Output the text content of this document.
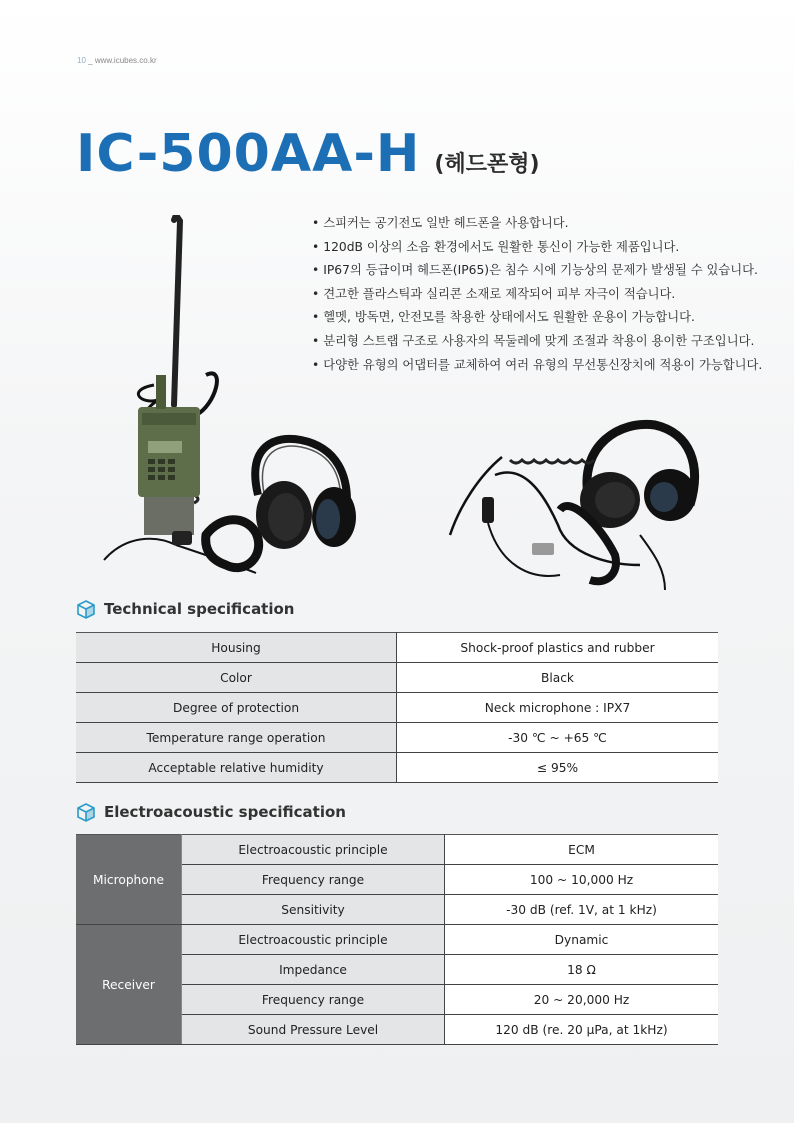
10 _ www.icubes.co.kr
IC-500AA-H (헤드폰형)
• 스피커는 공기전도 일반 헤드폰을 사용합니다.
• 120dB 이상의 소음 환경에서도 원활한 통신이 가능한 제품입니다.
• IP67의 등급이며 헤드폰(IP65)은 침수 시에 기능상의 문제가 발생될 수 있습니다.
• 견고한 플라스틱과 실리콘 소재로 제작되어 피부 자극이 적습니다.
• 헬멧, 방독면, 안전모를 착용한 상태에서도 원활한 운용이 가능합니다.
• 분리형 스트랩 구조로 사용자의 목둘레에 맞게 조절과 착용이 용이한 구조입니다.
• 다양한 유형의 어댑터를 교체하여 여러 유형의 무선통신장치에 적용이 가능합니다.
Technical specification
Housing	Shock-proof plastics and rubber
Color	Black
Degree of protection	Neck microphone : IPX7
Temperature range operation	-30 ℃ ~ +65 ℃
Acceptable relative humidity	≤ 95%
Electroacoustic specification
Microphone	Electroacoustic principle	ECM
	Frequency range	100 ~ 10,000 Hz
	Sensitivity	-30 dB (ref. 1V, at 1 kHz)
Receiver	Electroacoustic principle	Dynamic
	Impedance	18 Ω
	Frequency range	20 ~ 20,000 Hz
	Sound Pressure Level	120 dB (re. 20 μPa, at 1kHz)
